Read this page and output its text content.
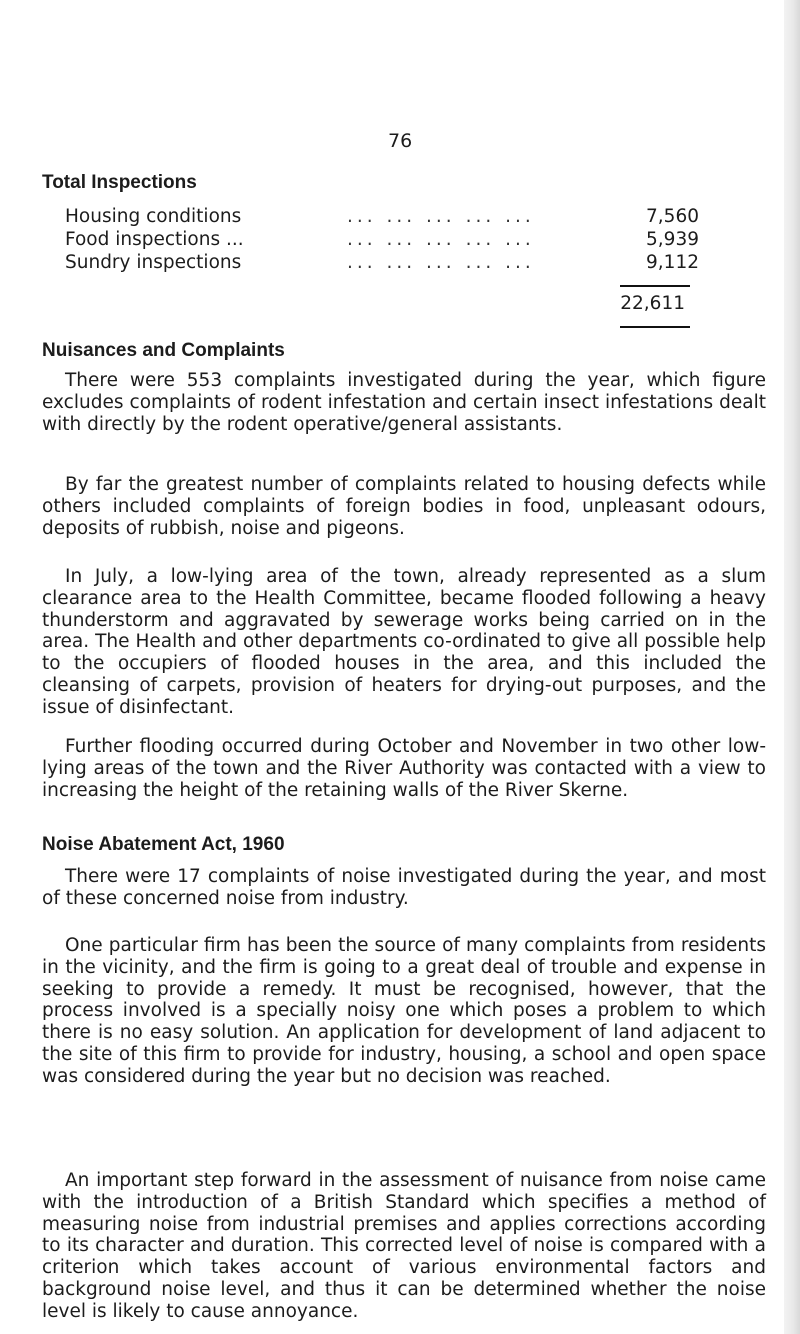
76

Total Inspections
Housing conditions	... ... ... ... ...	7,560
Food inspections ...	... ... ... ... ...	5,939
Sundry inspections	... ... ... ... ...	9,112

22,611

Nuisances and Complaints

There were 553 complaints investigated during the year, which figure excludes complaints of rodent infestation and certain insect infestations dealt with directly by the rodent operative/general assistants.

By far the greatest number of complaints related to housing defects while others included complaints of foreign bodies in food, unpleasant odours, deposits of rubbish, noise and pigeons.

In July, a low-lying area of the town, already represented as a slum clearance area to the Health Committee, became flooded following a heavy thunderstorm and aggravated by sewerage works being carried on in the area. The Health and other departments co-ordinated to give all possible help to the occupiers of flooded houses in the area, and this included the cleansing of carpets, provision of heaters for drying-out purposes, and the issue of disinfectant.

Further flooding occurred during October and November in two other low-lying areas of the town and the River Authority was contacted with a view to increasing the height of the retaining walls of the River Skerne.

Noise Abatement Act, 1960

There were 17 complaints of noise investigated during the year, and most of these concerned noise from industry.

One particular firm has been the source of many complaints from residents in the vicinity, and the firm is going to a great deal of trouble and expense in seeking to provide a remedy. It must be recognised, however, that the process involved is a specially noisy one which poses a problem to which there is no easy solution. An application for development of land adjacent to the site of this firm to provide for industry, housing, a school and open space was considered during the year but no decision was reached.

An important step forward in the assessment of nuisance from noise came with the introduction of a British Standard which specifies a method of measuring noise from industrial premises and applies corrections according to its character and duration. This corrected level of noise is compared with a criterion which takes account of various environmental factors and background noise level, and thus it can be determined whether the noise level is likely to cause annoyance.
